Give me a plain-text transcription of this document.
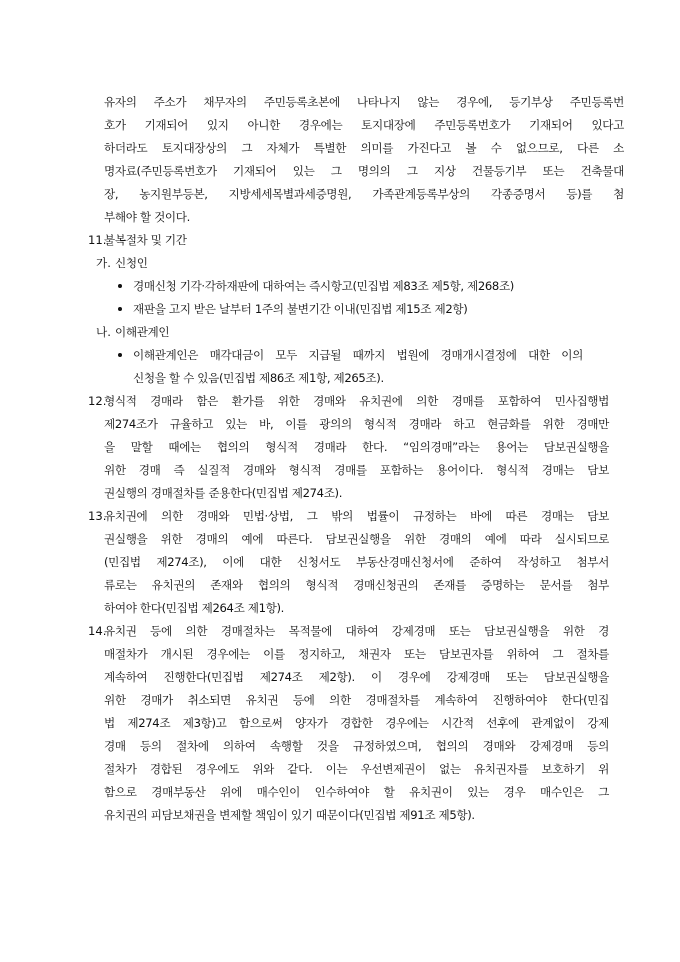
유자의 주소가 채무자의 주민등록초본에 나타나지 않는 경우에, 등기부상 주민등록번
호가 기재되어 있지 아니한 경우에는 토지대장에 주민등록번호가 기재되어 있다고
하더라도 토지대장상의 그 자체가 특별한 의미를 가진다고 볼 수 없으므로, 다른 소
명자료(주민등록번호가 기재되어 있는 그 명의의 그 지상 건물등기부 또는 건축물대
장, 농지원부등본, 지방세세목별과세증명원, 가족관계등록부상의 각종증명서 등)를 첨
부해야 할 것이다.
11.
불복절차 및 기간
가. 신청인
경매신청 기각·각하재판에 대하여는 즉시항고(민집법 제83조 제5항, 제268조)
재판을 고지 받은 날부터 1주의 불변기간 이내(민집법 제15조 제2항)
나. 이해관계인
이해관계인은 매각대금이 모두 지급될 때까지 법원에 경매개시결정에 대한 이의
신청을 할 수 있음(민집법 제86조 제1항, 제265조).
12.
형식적 경매라 함은 환가를 위한 경매와 유치권에 의한 경매를 포함하여 민사집행법
제274조가 규율하고 있는 바, 이를 광의의 형식적 경매라 하고 현금화를 위한 경매만
을 말할 때에는 협의의 형식적 경매라 한다. “임의경매”라는 용어는 담보권실행을
위한 경매 즉 실질적 경매와 형식적 경매를 포함하는 용어이다. 형식적 경매는 담보
권실행의 경매절차를 준용한다(민집법 제274조).
13.
유치권에 의한 경매와 민법·상법, 그 밖의 법률이 규정하는 바에 따른 경매는 담보
권실행을 위한 경매의 예에 따른다. 담보권실행을 위한 경매의 예에 따라 실시되므로
(민집법 제274조), 이에 대한 신청서도 부동산경매신청서에 준하여 작성하고 첨부서
류로는 유치권의 존재와 협의의 형식적 경매신청권의 존재를 증명하는 문서를 첨부
하여야 한다(민집법 제264조 제1항).
14.
유치권 등에 의한 경매절차는 목적물에 대하여 강제경매 또는 담보권실행을 위한 경
매절차가 개시된 경우에는 이를 정지하고, 채권자 또는 담보권자를 위하여 그 절차를
계속하여 진행한다(민집법 제274조 제2항). 이 경우에 강제경매 또는 담보권실행을
위한 경매가 취소되면 유치권 등에 의한 경매절차를 계속하여 진행하여야 한다(민집
법 제274조 제3항)고 함으로써 양자가 경합한 경우에는 시간적 선후에 관계없이 강제
경매 등의 절차에 의하여 속행할 것을 규정하였으며, 협의의 경매와 강제경매 등의
절차가 경합된 경우에도 위와 같다. 이는 우선변제권이 없는 유치권자를 보호하기 위
함으로 경매부동산 위에 매수인이 인수하여야 할 유치권이 있는 경우 매수인은 그
유치권의 피담보채권을 변제할 책임이 있기 때문이다(민집법 제91조 제5항).
